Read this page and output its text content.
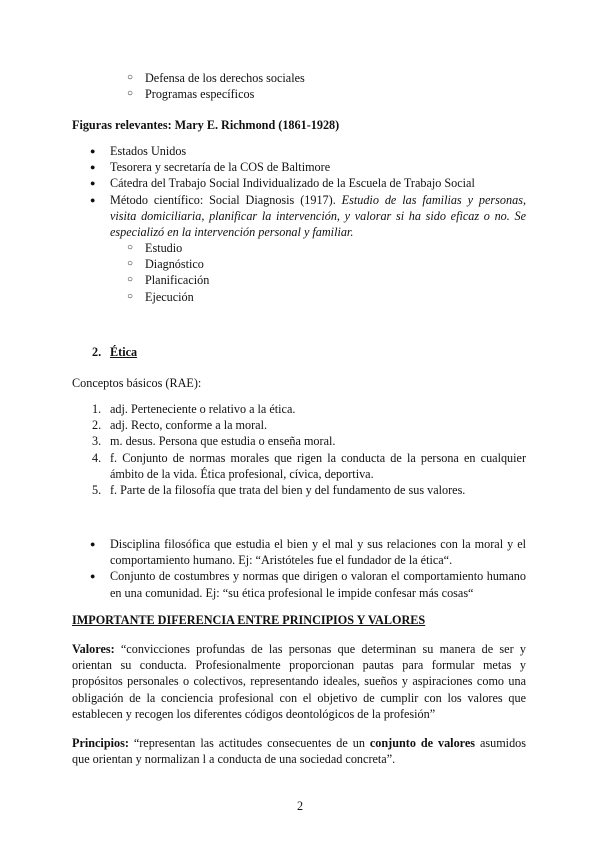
○ Defensa de los derechos sociales
○ Programas específicos
Figuras relevantes: Mary E. Richmond (1861-1928)
● Estados Unidos
● Tesorera y secretaría de la COS de Baltimore
● Cátedra del Trabajo Social Individualizado de la Escuela de Trabajo Social
● Método científico: Social Diagnosis (1917). Estudio de las familias y personas, visita domiciliaria, planificar la intervención, y valorar si ha sido eficaz o no. Se especializó en la intervención personal y familiar.

○ Estudio
○ Diagnóstico
○ Planificación
○ Ejecución
2. Ética
Conceptos básicos (RAE):
1. adj. Perteneciente o relativo a la ética.
2. adj. Recto, conforme a la moral.
3. m. desus. Persona que estudia o enseña moral.
4. f. Conjunto de normas morales que rigen la conducta de la persona en cualquier ámbito de la vida. Ética profesional, cívica, deportiva.

5. f. Parte de la filosofía que trata del bien y del fundamento de sus valores.
● Disciplina filosófica que estudia el bien y el mal y sus relaciones con la moral y el comportamiento humano. Ej: “Aristóteles fue el fundador de la ética“.

● Conjunto de costumbres y normas que dirigen o valoran el comportamiento humano en una comunidad. Ej: “su ética profesional le impide confesar más cosas“

IMPORTANTE DIFERENCIA ENTRE PRINCIPIOS Y VALORES

Valores: “convicciones profundas de las personas que determinan su manera de ser y orientan su conducta. Profesionalmente proporcionan pautas para formular metas y propósitos personales o colectivos, representando ideales, sueños y aspiraciones como una obligación de la conciencia profesional con el objetivo de cumplir con los valores que establecen y recogen los diferentes códigos deontológicos de la profesión”

Principios: “representan las actitudes consecuentes de un conjunto de valores asumidos que orientan y normalizan l a conducta de una sociedad concreta”.

2
